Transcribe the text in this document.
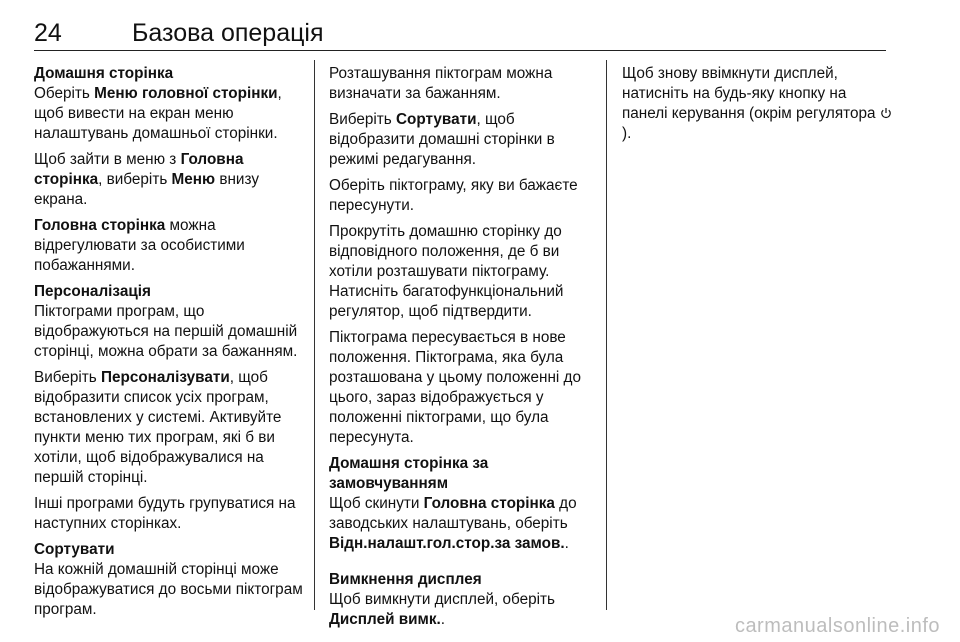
24	Базова операція
Домашня сторінка

Оберіть Меню головної сторінки, щоб вивести на екран меню налаштувань домашньої сторінки.

Щоб зайти в меню з Головна сторінка, виберіть Меню внизу екрана.

Головна сторінка можна відрегулювати за особистими побажаннями.

Персоналізація

Піктограми програм, що відображуються на першій домашній сторінці, можна обрати за бажанням.

Виберіть Персоналізувати, щоб відобразити список усіх програм, встановлених у системі. Активуйте пункти меню тих програм, які б ви хотіли, щоб відображувалися на першій сторінці.

Інші програми будуть групуватися на наступних сторінках.

Сортувати

На кожній домашній сторінці може відображуватися до восьми піктограм програм.

Розташування піктограм можна визначати за бажанням.

Виберіть Сортувати, щоб відобразити домашні сторінки в режимі редагування.

Оберіть піктограму, яку ви бажаєте пересунути.

Прокрутіть домашню сторінку до відповідного положення, де б ви хотіли розташувати піктограму. Натисніть багатофункціональний регулятор, щоб підтвердити.

Піктограма пересувається в нове положення. Піктограма, яка була розташована у цьому положенні до цього, зараз відображується у положенні піктограми, що була пересунута.

Домашня сторінка за замовчуванням

Щоб скинути Головна сторінка до заводських налаштувань, оберіть Відн.налашт.гол.стор.за замов..

Вимкнення дисплея

Щоб вимкнути дисплей, оберіть Дисплей вимк..

Щоб знову ввімкнути дисплей, натисніть на будь-яку кнопку на панелі керування (окрім регулятора ).

carmanualsonline.info
